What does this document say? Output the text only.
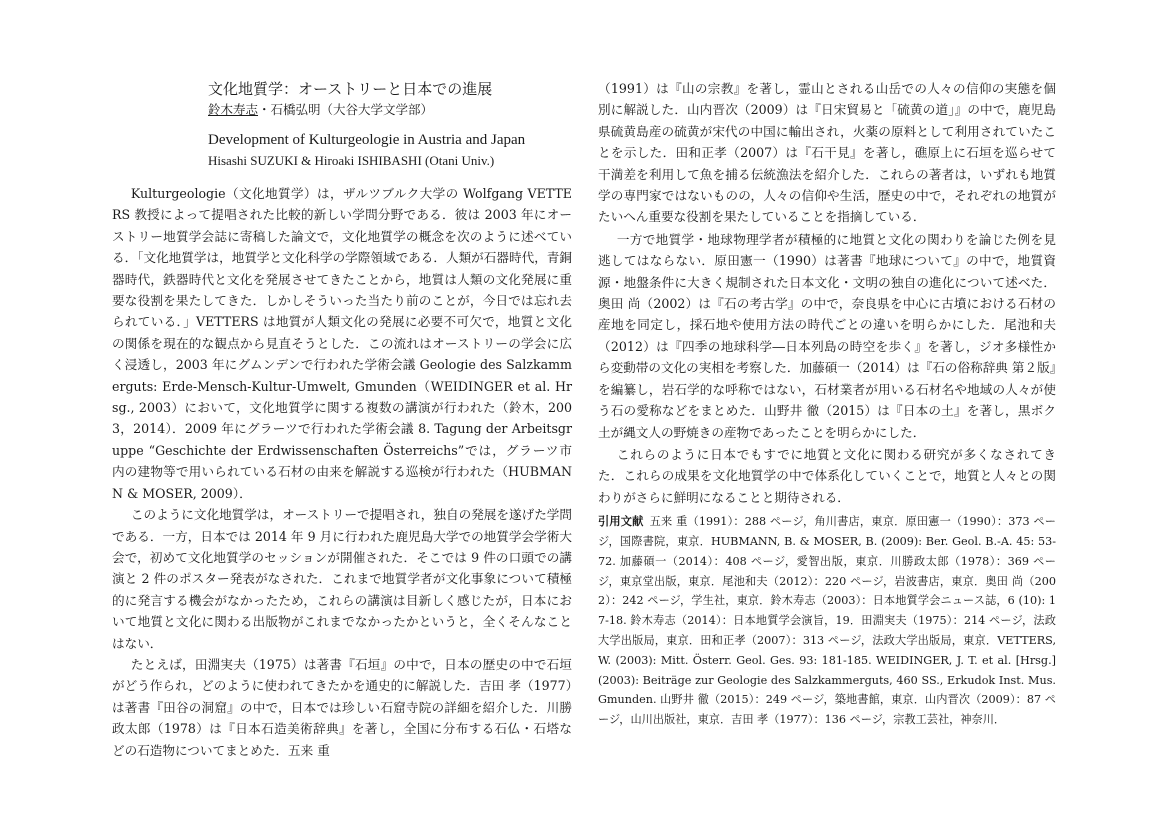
文化地質学：オーストリーと日本での進展
鈴木寿志・石橋弘明（大谷大学文学部）
Development of Kulturgeologie in Austria and Japan
Hisashi SUZUKI & Hiroaki ISHIBASHI (Otani Univ.)

Kulturgeologie（文化地質学）は，ザルツブルク大学の Wolfgang VETTERS 教授によって提唱された比較的新しい学問分野である．彼は 2003 年にオーストリー地質学会誌に寄稿した論文で，文化地質学の概念を次のように述べている．「文化地質学は，地質学と文化科学の学際領域である．人類が石器時代，青銅器時代，鉄器時代と文化を発展させてきたことから，地質は人類の文化発展に重要な役割を果たしてきた．しかしそういった当たり前のことが，今日では忘れ去られている．」VETTERS は地質が人類文化の発展に必要不可欠で，地質と文化の関係を現在的な観点から見直そうとした．この流れはオーストリーの学会に広く浸透し，2003 年にグムンデンで行われた学術会議 Geologie des Salzkammerguts: Erde-Mensch-Kultur-Umwelt, Gmunden（WEIDINGER et al. Hrsg., 2003）において，文化地質学に関する複数の講演が行われた（鈴木，2003，2014）．2009 年にグラーツで行われた学術会議 8. Tagung der Arbeitsgruppe “Geschichte der Erdwissenschaften Österreichs”では，グラーツ市内の建物等で用いられている石材の由来を解説する巡検が行われた（HUBMANN & MOSER, 2009）．

このように文化地質学は，オーストリーで提唱され，独自の発展を遂げた学問である．一方，日本では 2014 年 9 月に行われた鹿児島大学での地質学会学術大会で，初めて文化地質学のセッションが開催された．そこでは 9 件の口頭での講演と 2 件のポスター発表がなされた．これまで地質学者が文化事象について積極的に発言する機会がなかったため，これらの講演は目新しく感じたが，日本において地質と文化に関わる出版物がこれまでなかったかというと，全くそんなことはない．

たとえば，田淵実夫（1975）は著書『石垣』の中で，日本の歴史の中で石垣がどう作られ，どのように使われてきたかを通史的に解説した．吉田 孝（1977）は著書『田谷の洞窟』の中で，日本では珍しい石窟寺院の詳細を紹介した．川勝政太郎（1978）は『日本石造美術辞典』を著し，全国に分布する石仏・石塔などの石造物についてまとめた．五来 重

（1991）は『山の宗教』を著し，霊山とされる山岳での人々の信仰の実態を個別に解説した．山内晋次（2009）は『日宋貿易と「硫黄の道」』の中で，鹿児島県硫黄島産の硫黄が宋代の中国に輸出され，火薬の原料として利用されていたことを示した．田和正孝（2007）は『石干見』を著し，礁原上に石垣を巡らせて干満差を利用して魚を捕る伝統漁法を紹介した．これらの著者は，いずれも地質学の専門家ではないものの，人々の信仰や生活，歴史の中で，それぞれの地質がたいへん重要な役割を果たしていることを指摘している．

一方で地質学・地球物理学者が積極的に地質と文化の関わりを論じた例を見逃してはならない．原田憲一（1990）は著書『地球について』の中で，地質資源・地盤条件に大きく規制された日本文化・文明の独自の進化について述べた．奥田 尚（2002）は『石の考古学』の中で，奈良県を中心に古墳における石材の産地を同定し，採石地や使用方法の時代ごとの違いを明らかにした．尾池和夫（2012）は『四季の地球科学―日本列島の時空を歩く』を著し，ジオ多様性から変動帯の文化の実相を考察した．加藤碩一（2014）は『石の俗称辞典 第２版』を編纂し，岩石学的な呼称ではない，石材業者が用いる石材名や地域の人々が使う石の愛称などをまとめた．山野井 徹（2015）は『日本の土』を著し，黒ボク土が縄文人の野焼きの産物であったことを明らかにした．

これらのように日本でもすでに地質と文化に関わる研究が多くなされてきた．これらの成果を文化地質学の中で体系化していくことで，地質と人々との関わりがさらに鮮明になることと期待される．

引用文献 五来 重（1991）：288 ページ，角川書店，東京．原田憲一（1990）：373 ページ，国際書院，東京．HUBMANN, B. & MOSER, B. (2009): Ber. Geol. B.-A. 45: 53-72. 加藤碩一（2014）：408 ページ，愛智出版，東京．川勝政太郎（1978）：369 ページ，東京堂出版，東京．尾池和夫（2012）：220 ページ，岩波書店，東京．奥田 尚（2002）：242 ページ，学生社，東京．鈴木寿志（2003）：日本地質学会ニュース誌，6 (10): 17-18. 鈴木寿志（2014）：日本地質学会演旨，19．田淵実夫（1975）：214 ページ，法政大学出版局，東京．田和正孝（2007）：313 ページ，法政大学出版局，東京．VETTERS, W. (2003): Mitt. Österr. Geol. Ges. 93: 181-185. WEIDINGER, J. T. et al. [Hrsg.] (2003): Beiträge zur Geologie des Salzkammerguts, 460 SS., Erkudok Inst. Mus. Gmunden. 山野井 徹（2015）：249 ページ，築地書館，東京．山内晋次（2009）：87 ページ，山川出版社，東京．吉田 孝（1977）：136 ページ，宗教工芸社，神奈川．
